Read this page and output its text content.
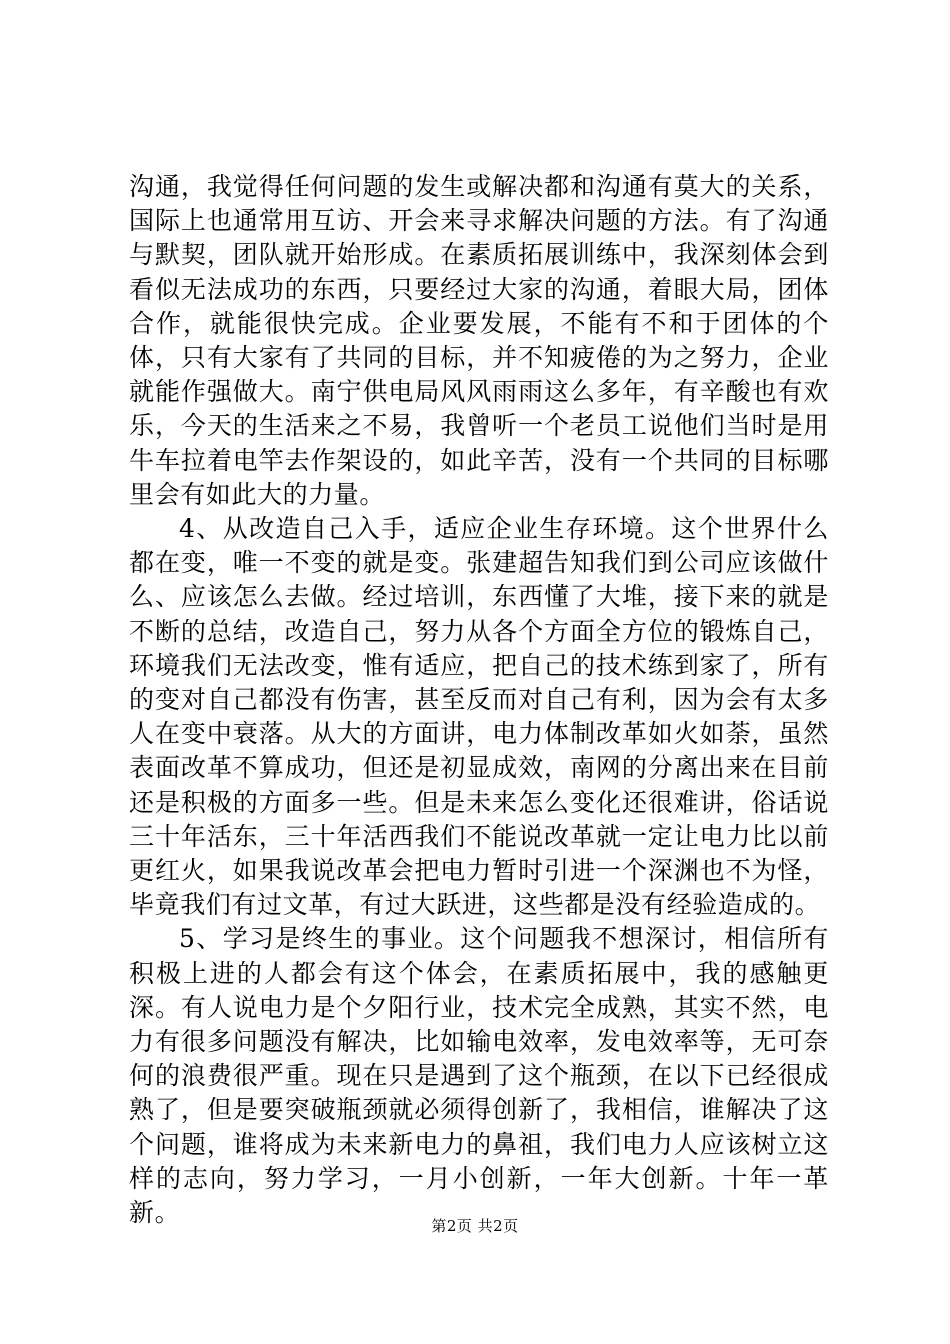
沟通，我觉得任何问题的发生或解决都和沟通有莫大的关系，国际上也通常用互访、开会来寻求解决问题的方法。有了沟通与默契，团队就开始形成。在素质拓展训练中，我深刻体会到看似无法成功的东西，只要经过大家的沟通，着眼大局，团体合作，就能很快完成。企业要发展，不能有不和于团体的个体，只有大家有了共同的目标，并不知疲倦的为之努力，企业就能作强做大。南宁供电局风风雨雨这么多年，有辛酸也有欢乐，今天的生活来之不易，我曾听一个老员工说他们当时是用牛车拉着电竿去作架设的，如此辛苦，没有一个共同的目标哪里会有如此大的力量。

4、从改造自己入手，适应企业生存环境。这个世界什么都在变，唯一不变的就是变。张建超告知我们到公司应该做什么、应该怎么去做。经过培训，东西懂了大堆，接下来的就是不断的总结，改造自己，努力从各个方面全方位的锻炼自己，环境我们无法改变，惟有适应，把自己的技术练到家了，所有的变对自己都没有伤害，甚至反而对自己有利，因为会有太多人在变中衰落。从大的方面讲，电力体制改革如火如荼，虽然表面改革不算成功，但还是初显成效，南网的分离出来在目前还是积极的方面多一些。但是未来怎么变化还很难讲，俗话说三十年活东，三十年活西我们不能说改革就一定让电力比以前更红火，如果我说改革会把电力暂时引进一个深渊也不为怪，毕竟我们有过文革，有过大跃进，这些都是没有经验造成的。

5、学习是终生的事业。这个问题我不想深讨，相信所有积极上进的人都会有这个体会，在素质拓展中，我的感触更深。有人说电力是个夕阳行业，技术完全成熟，其实不然，电力有很多问题没有解决，比如输电效率，发电效率等，无可奈何的浪费很严重。现在只是遇到了这个瓶颈，在以下已经很成熟了，但是要突破瓶颈就必须得创新了，我相信，谁解决了这个问题，谁将成为未来新电力的鼻祖，我们电力人应该树立这样的志向，努力学习，一月小创新，一年大创新。十年一革新。	第2页 共2页
